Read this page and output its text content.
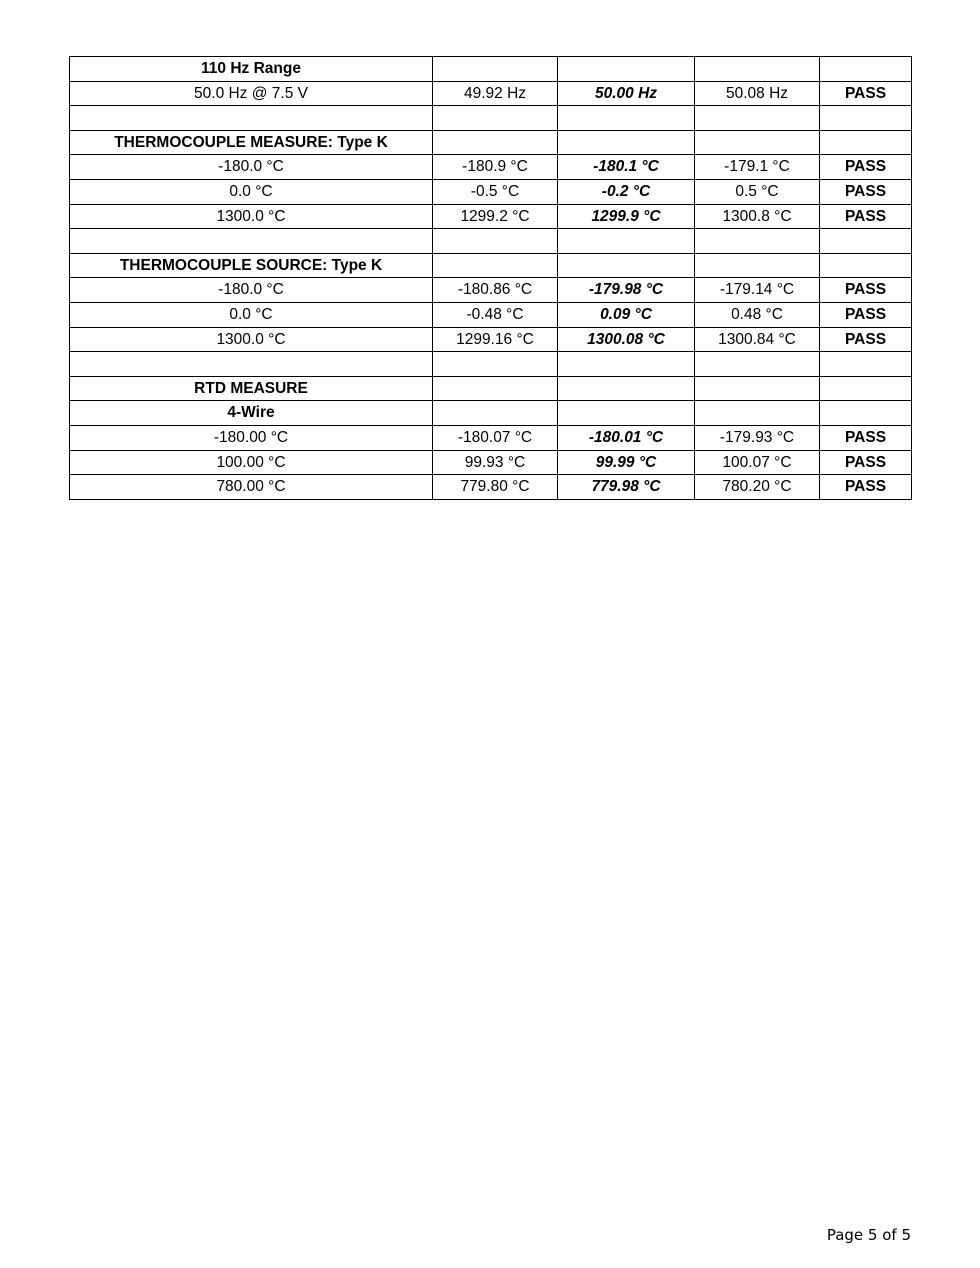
110 Hz Range				
50.0 Hz @ 7.5 V	49.92 Hz	50.00 Hz	50.08 Hz	PASS

THERMOCOUPLE MEASURE: Type K				
-180.0 °C	-180.9 °C	-180.1 °C	-179.1 °C	PASS
0.0 °C	-0.5 °C	-0.2 °C	0.5 °C	PASS
1300.0 °C	1299.2 °C	1299.9 °C	1300.8 °C	PASS

THERMOCOUPLE SOURCE: Type K				
-180.0 °C	-180.86 °C	-179.98 °C	-179.14 °C	PASS
0.0 °C	-0.48 °C	0.09 °C	0.48 °C	PASS
1300.0 °C	1299.16 °C	1300.08 °C	1300.84 °C	PASS

RTD MEASURE				
4-Wire				
-180.00 °C	-180.07 °C	-180.01 °C	-179.93 °C	PASS
100.00 °C	99.93 °C	99.99 °C	100.07 °C	PASS
780.00 °C	779.80 °C	779.98 °C	780.20 °C	PASS
Page 5 of 5
